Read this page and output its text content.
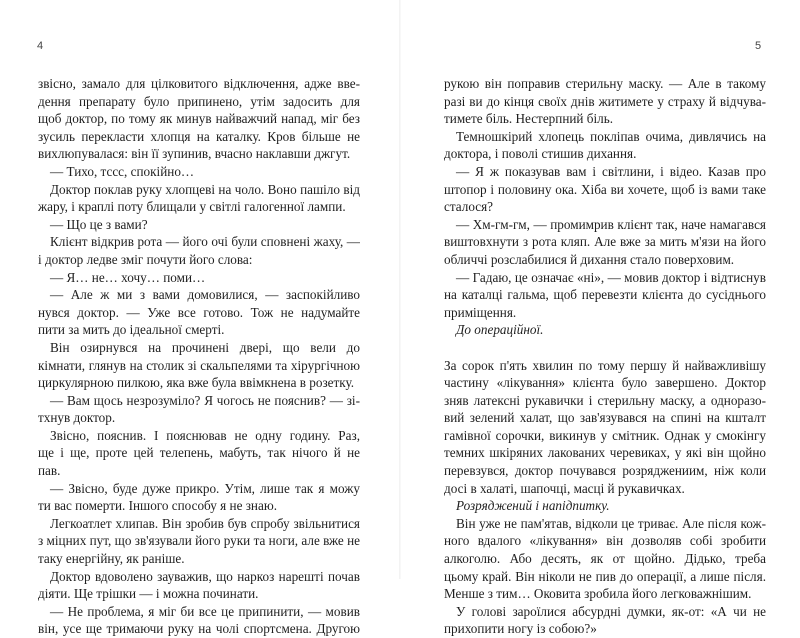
4
звісно, замало для цілковитого відключення, адже вве-
дення препарату було припинено, утім задосить для
щоб доктор, по тому як минув найважчий напад, міг без
зусиль перекласти хлопця на каталку. Кров більше не
вихлюпувалася: він її зупинив, вчасно наклавши джгут.
— Тихо, тссс, спокійно…
Доктор поклав руку хлопцеві на чоло. Воно пашіло від
жару, і краплі поту блищали у світлі галогенної лампи.
— Що це з вами?
Клієнт відкрив рота — його очі були сповнені жаху, —
і доктор ледве зміг почути його слова:
— Я… не… хочу… поми…
— Але ж ми з вами домовилися, — заспокійливо
нувся доктор. — Уже все готово. Тож не надумайте
пити за мить до ідеальної смерті.
Він озирнувся на прочинені двері, що вели до
кімнати, глянув на столик зі скальпелями та хірургічною
циркулярною пилкою, яка вже була ввімкнена в розетку.
— Вам щось незрозуміло? Я чогось не пояснив? — зі-
тхнув доктор.
Звісно, пояснив. І пояснював не одну годину. Раз,
ще і ще, проте цей телепень, мабуть, так нічого й не
пав.
— Звісно, буде дуже прикро. Утім, лише так я можу
ти вас померти. Іншого способу я не знаю.
Легкоатлет хлипав. Він зробив був спробу звільнитися
з міцних пут, що зв'язували його руки та ноги, але вже не
таку енергійну, як раніше.
Доктор вдоволено зауважив, що наркоз нарешті почав
діяти. Ще трішки — і можна починати.
— Не проблема, я міг би все це припинити, — мовив
він, усе ще тримаючи руку на чолі спортсмена. Другою
5
рукою він поправив стерильну маску. — Але в такому
разі ви до кінця своїх днів житимете у страху й відчува-
тимете біль. Нестерпний біль.
Темношкірий хлопець покліпав очима, дивлячись на
доктора, і поволі стишив дихання.
— Я ж показував вам і світлини, і відео. Казав про
штопор і половину ока. Хіба ви хочете, щоб із вами таке
сталося?
— Хм-гм-гм, — промимрив клієнт так, наче намагався
виштовхнути з рота кляп. Але вже за мить м'язи на його
обличчі розслабилися й дихання стало поверховим.
— Гадаю, це означає «ні», — мовив доктор і відтиснув
на каталці гальма, щоб перевезти клієнта до сусіднього
приміщення.
До операційної.
За сорок п'ять хвилин по тому першу й найважливішу
частину «лікування» клієнта було завершено. Доктор
зняв латексні рукавички і стерильну маску, а одноразо-
вий зелений халат, що зав'язувався на спині на кшталт
гамівної сорочки, викинув у смітник. Однак у смокінгу
темних шкіряних лакованих черевиках, у які він щойно
перевзувся, доктор почувався розряджениим, ніж коли
досі в халаті, шапочці, масці й рукавичках.
Розряджений і напідпитку.
Він уже не пам'ятав, відколи це триває. Але після кож-
ного вдалого «лікування» він дозволяв собі зробити
алкоголю. Або десять, як от щойно. Дідько, треба
цьому край. Він ніколи не пив до операції, а лише після.
Менше з тим… Оковита зробила його легковажнішим.
У голові зароїлися абсурдні думки, як-от: «А чи не
прихопити ногу із собою?»
